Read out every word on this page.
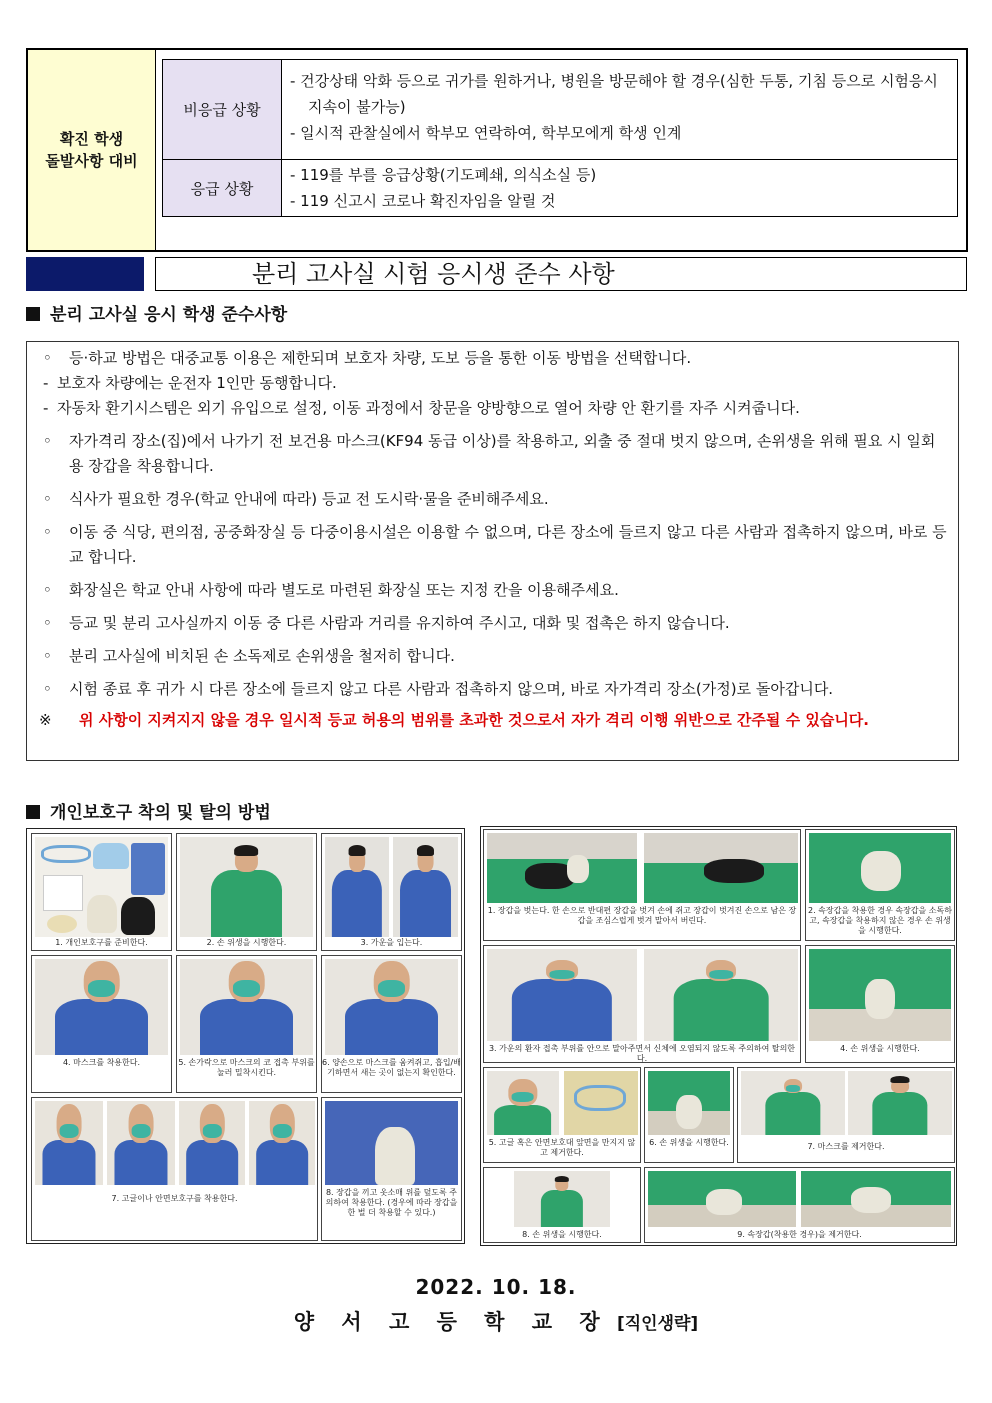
확진 학생
돌발사항 대비
비응급 상황
- 건강상태 악화 등으로 귀가를 원하거나, 병원을 방문해야 할 경우(심한 두통, 기침 등으로 시험응시 지속이 불가능)
- 일시적 관찰실에서 학부모 연락하여, 학부모에게 학생 인계
응급 상황
- 119를 부를 응급상황(기도폐쇄, 의식소실 등)
- 119 신고시 코로나 확진자임을 알릴 것
분리 고사실 시험 응시생 준수 사항
분리 고사실 응시 학생 준수사항
◦ 등·하교 방법은 대중교통 이용은 제한되며 보호자 차량, 도보 등을 통한 이동 방법을 선택합니다.
- 보호자 차량에는 운전자 1인만 동행합니다.
- 자동차 환기시스템은 외기 유입으로 설정, 이동 과정에서 창문을 양방향으로 열어 차량 안 환기를 자주 시켜줍니다.
◦ 자가격리 장소(집)에서 나가기 전 보건용 마스크(KF94 동급 이상)를 착용하고, 외출 중 절대 벗지 않으며, 손위생을 위해 필요 시 일회용 장갑을 착용합니다.
◦ 식사가 필요한 경우(학교 안내에 따라) 등교 전 도시락·물을 준비해주세요.
◦ 이동 중 식당, 편의점, 공중화장실 등 다중이용시설은 이용할 수 없으며, 다른 장소에 들르지 않고 다른 사람과 접촉하지 않으며, 바로 등교 합니다.
◦ 화장실은 학교 안내 사항에 따라 별도로 마련된 화장실 또는 지정 칸을 이용해주세요.
◦ 등교 및 분리 고사실까지 이동 중 다른 사람과 거리를 유지하여 주시고, 대화 및 접촉은 하지 않습니다.
◦ 분리 고사실에 비치된 손 소독제로 손위생을 철저히 합니다.
◦ 시험 종료 후 귀가 시 다른 장소에 들르지 않고 다른 사람과 접촉하지 않으며, 바로 자가격리 장소(가정)로 돌아갑니다.
※ 위 사항이 지켜지지 않을 경우 일시적 등교 허용의 범위를 초과한 것으로서 자가 격리 이행 위반으로 간주될 수 있습니다.
개인보호구 착의 및 탈의 방법
1. 개인보호구를 준비한다.	2. 손 위생을 시행한다.	3. 가운을 입는다.
4. 마스크를 착용한다.	5. 손가락으로 마스크의 코 접촉 부위를 눌러 밀착시킨다.
6. 양손으로 마스크를 움켜쥐고, 흡입/배기하면서 새는 곳이 없는지 확인한다.
7. 고글이나 안면보호구를 착용한다.
8. 장갑을 끼고 옷소매 위를 덮도록 주의하여 착용한다. (경우에 따라 장갑을 한 벌 더 착용할 수 있다.)
1. 장갑을 벗는다. 한 손으로 반대편 장갑을 벗겨 손에 쥐고 장갑이 벗겨진 손으로 남은 장갑을 조심스럽게 벗겨 말아서 버린다.
2. 속장갑을 착용한 경우 속장갑을 소독하고, 속장갑을 착용하지 않은 경우 손 위생을 시행한다.
3. 가운의 환자 접촉 부위를 안으로 말아주면서 신체에 오염되지 않도록 주의하여 탈의한다.
4. 손 위생을 시행한다.
5. 고글 혹은 안면보호대 앞면을 만지지 않고 제거한다.
6. 손 위생을 시행한다.	7. 마스크를 제거한다.
8. 손 위생을 시행한다.	9. 속장갑(착용한 경우)을 제거한다.
2022. 10. 18.
양 서 고 등 학 교 장 [직인생략]
